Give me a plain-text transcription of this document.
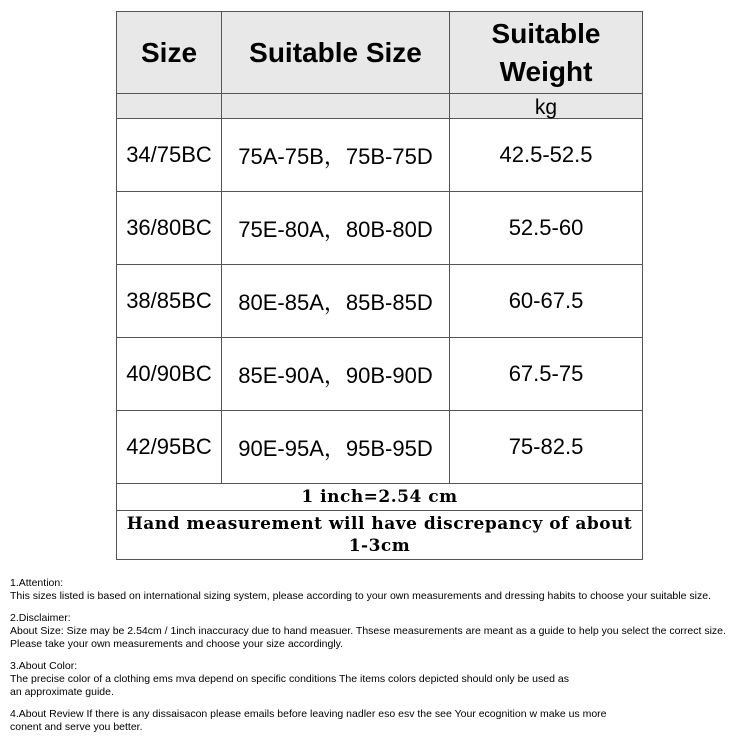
Size	Suitable Size	Suitable Weight
		kg
34/75BC	75A-75B，75B-75D	42.5-52.5
36/80BC	75E-80A，80B-80D	52.5-60
38/85BC	80E-85A，85B-85D	60-67.5
40/90BC	85E-90A，90B-90D	67.5-75
42/95BC	90E-95A，95B-95D	75-82.5
1 inch=2.54 cm		
Hand measurement will have discrepancy of about 1-3cm		

1.Attention:

This sizes listed is based on international sizing system, please according to your own measurements and dressing habits to choose your suitable size.

2.Disclaimer:

About Size: Size may be 2.54cm / 1inch inaccuracy due to hand measuer. Thsese measurements are meant as a guide to help you select the correct size.

Please take your own measurements and choose your size accordingly.

3.About Color:

The precise color of a clothing ems mva depend on specific conditions The items colors depicted should only be used as

an approximate guide.

4.About Review If there is any dissaisacon please emails before leaving nadler eso esv the see Your ecognition w make us more

conent and serve you better.
